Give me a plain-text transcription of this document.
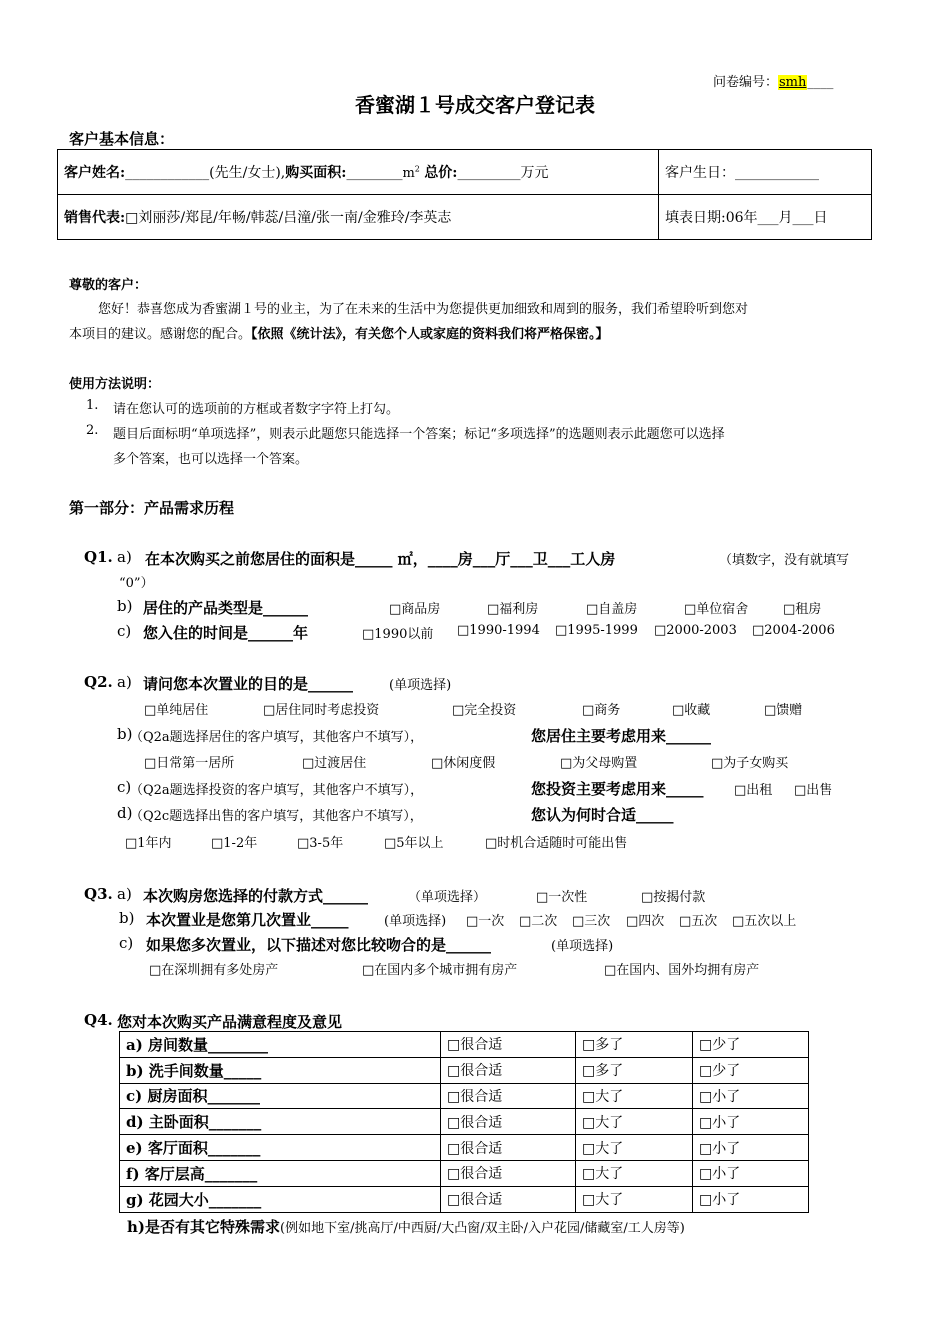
问卷编号：smh____
香蜜湖１号成交客户登记表
客户基本信息：
客户姓名:____________(先生/女士),购买面积$:\_\_\_\_\_\_\_\_m^2$ 总价:_________万元	客户生日：____________
销售代表:□刘丽莎/郑昆/年畅/韩蕊/吕潼/张一南/金雅玲/李英志	填表日期:06年___月___日
尊敬的客户：
您好！恭喜您成为香蜜湖１号的业主，为了在未来的生活中为您提供更加细致和周到的服务，我们希望聆听到您对
本项目的建议。感谢您的配合。【依照《统计法》，有关您个人或家庭的资料我们将严格保密。】
使用方法说明：
1. 请在您认可的选项前的方框或者数字字符上打勾。
2. 题目后面标明“单项选择”，则表示此题您只能选择一个答案；标记“多项选择”的选题则表示此题您可以选择
多个答案，也可以选择一个答案。
第一部分：产品需求历程
Q1. a) 在本次购买之前您居住的面积是_____ ㎡，____房___厅___卫___工人房	（填数字，没有就填写
“0”）
b) 居住的产品类型是______	□商品房	□福利房	□自盖房	□单位宿舍	□租房
c) 您入住的时间是______年	□1990以前 □1990-1994 □1995-1999 □2000-2003 □2004-2006
Q2. a) 请问您本次置业的目的是______	(单项选择)
□单纯居住	□居住同时考虑投资	□完全投资	□商务	□收藏	□馈赠
b)
（Q2a题选择居住的客户填写，其他客户不填写），	您居住主要考虑用来______
□日常第一居所	□过渡居住	□休闲度假	□为父母购置	□为子女购买
c)
（Q2a题选择投资的客户填写，其他客户不填写），	您投资主要考虑用来_____ □出租 □出售
d)
（Q2c题选择出售的客户填写，其他客户不填写），	您认为何时合适_____
□1年内	□1-2年	□3-5年	□5年以上	□时机合适随时可能出售
Q3. a) 本次购房您选择的付款方式______	（单项选择）	□一次性	□按揭付款
b) 本次置业是您第几次置业_____	(单项选择) □一次 □二次 □三次 □四次 □五次 □五次以上
c) 如果您多次置业，以下描述对您比较吻合的是______	(单项选择)
□在深圳拥有多处房产	□在国内多个城市拥有房产	□在国内、国外均拥有房产
Q4. 您对本次购买产品满意程度及意见
a) 房间数量________	□很合适	□多了	□少了
b) 洗手间数量_____	□很合适	□多了	□少了
c) 厨房面积_______	□很合适	□大了	□小了
d) 主卧面积_______	□很合适	□大了	□小了
e) 客厅面积_______	□很合适	□大了	□小了
f) 客厅层高_______	□很合适	□大了	□小了
g) 花园大小_______	□很合适	□大了	□小了
h)是否有其它特殊需求(例如地下室/挑高厅/中西厨/大凸窗/双主卧/入户花园/储藏室/工人房等)
